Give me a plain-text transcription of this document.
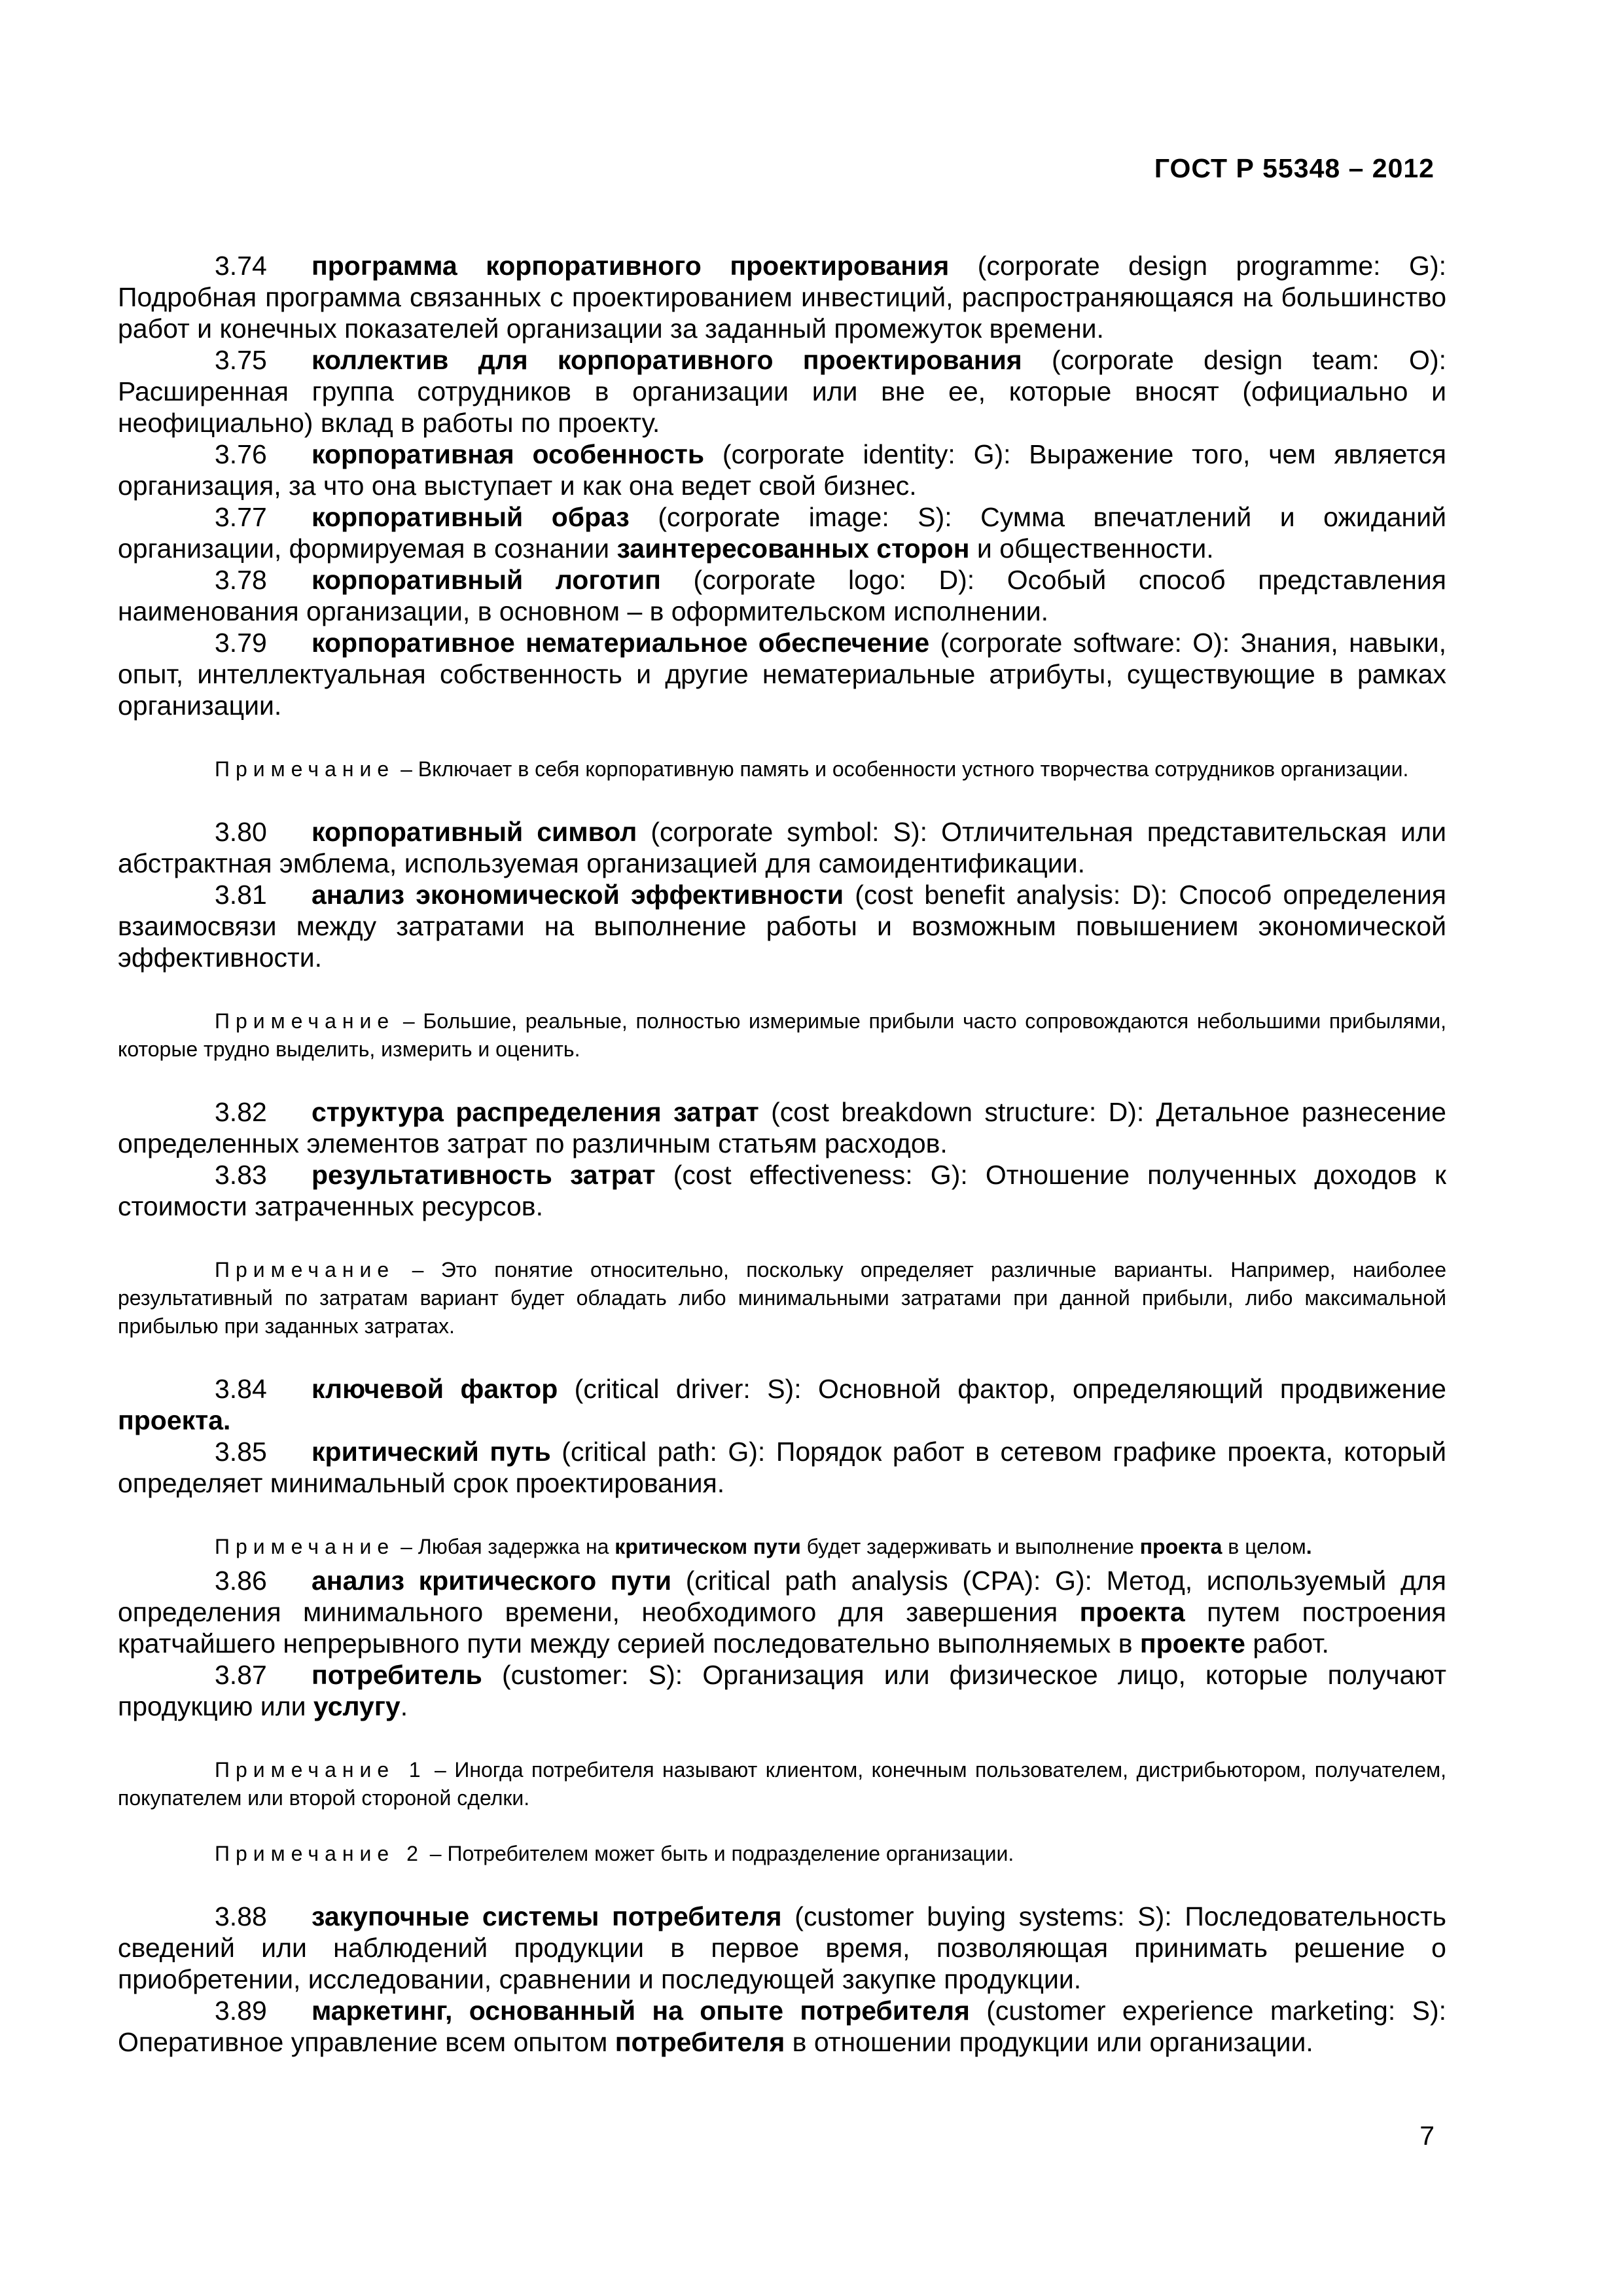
ГОСТ Р 55348 – 2012

3.74 программа корпоративного проектирования (corporate design programme: G): Подробная программа связанных с проектированием инвестиций, распространяющаяся на большинство работ и конечных показателей организации за заданный промежуток времени.

3.75 коллектив для корпоративного проектирования (corporate design team: O): Расширенная группа сотрудников в организации или вне ее, которые вносят (официально и неофициально) вклад в работы по проекту.

3.76 корпоративная особенность (corporate identity: G): Выражение того, чем является организация, за что она выступает и как она ведет свой бизнес.

3.77 корпоративный образ (corporate image: S): Сумма впечатлений и ожиданий организации, формируемая в сознании заинтересованных сторон и общественности.

3.78 корпоративный логотип (corporate logo: D): Особый способ представления наименования организации, в основном – в оформительском исполнении.

3.79 корпоративное нематериальное обеспечение (corporate software: O): Знания, навыки, опыт, интеллектуальная собственность и другие нематериальные атрибуты, существующие в рамках организации.

Примечание – Включает в себя корпоративную память и особенности устного творчества сотрудников организации.

3.80 корпоративный символ (corporate symbol: S): Отличительная представительская или абстрактная эмблема, используемая организацией для самоидентификации.

3.81 анализ экономической эффективности (cost benefit analysis: D): Способ определения взаимосвязи между затратами на выполнение работы и возможным повышением экономической эффективности.

Примечание – Большие, реальные, полностью измеримые прибыли часто сопровождаются небольшими прибылями, которые трудно выделить, измерить и оценить.

3.82 структура распределения затрат (cost breakdown structure: D): Детальное разнесение определенных элементов затрат по различным статьям расходов.

3.83 результативность затрат (cost effectiveness: G): Отношение полученных доходов к стоимости затраченных ресурсов.

Примечание – Это понятие относительно, поскольку определяет различные варианты. Например, наиболее результативный по затратам вариант будет обладать либо минимальными затратами при данной прибыли, либо максимальной прибылью при заданных затратах.

3.84 ключевой фактор (critical driver: S): Основной фактор, определяющий продвижение проекта.

3.85 критический путь (critical path: G): Порядок работ в сетевом графике проекта, который определяет минимальный срок проектирования.

Примечание – Любая задержка на критическом пути будет задерживать и выполнение проекта в целом.

3.86 анализ критического пути (critical path analysis (CPA): G): Метод, используемый для определения минимального времени, необходимого для завершения проекта путем построения кратчайшего непрерывного пути между серией последовательно выполняемых в проекте работ.

3.87 потребитель (customer: S): Организация или физическое лицо, которые получают продукцию или услугу.

Примечание 1 – Иногда потребителя называют клиентом, конечным пользователем, дистрибьютором, получателем, покупателем или второй стороной сделки.

Примечание 2 – Потребителем может быть и подразделение организации.

3.88 закупочные системы потребителя (customer buying systems: S): Последовательность сведений или наблюдений продукции в первое время, позволяющая принимать решение о приобретении, исследовании, сравнении и последующей закупке продукции.

3.89 маркетинг, основанный на опыте потребителя (customer experience marketing: S): Оперативное управление всем опытом потребителя в отношении продукции или организации.

7
